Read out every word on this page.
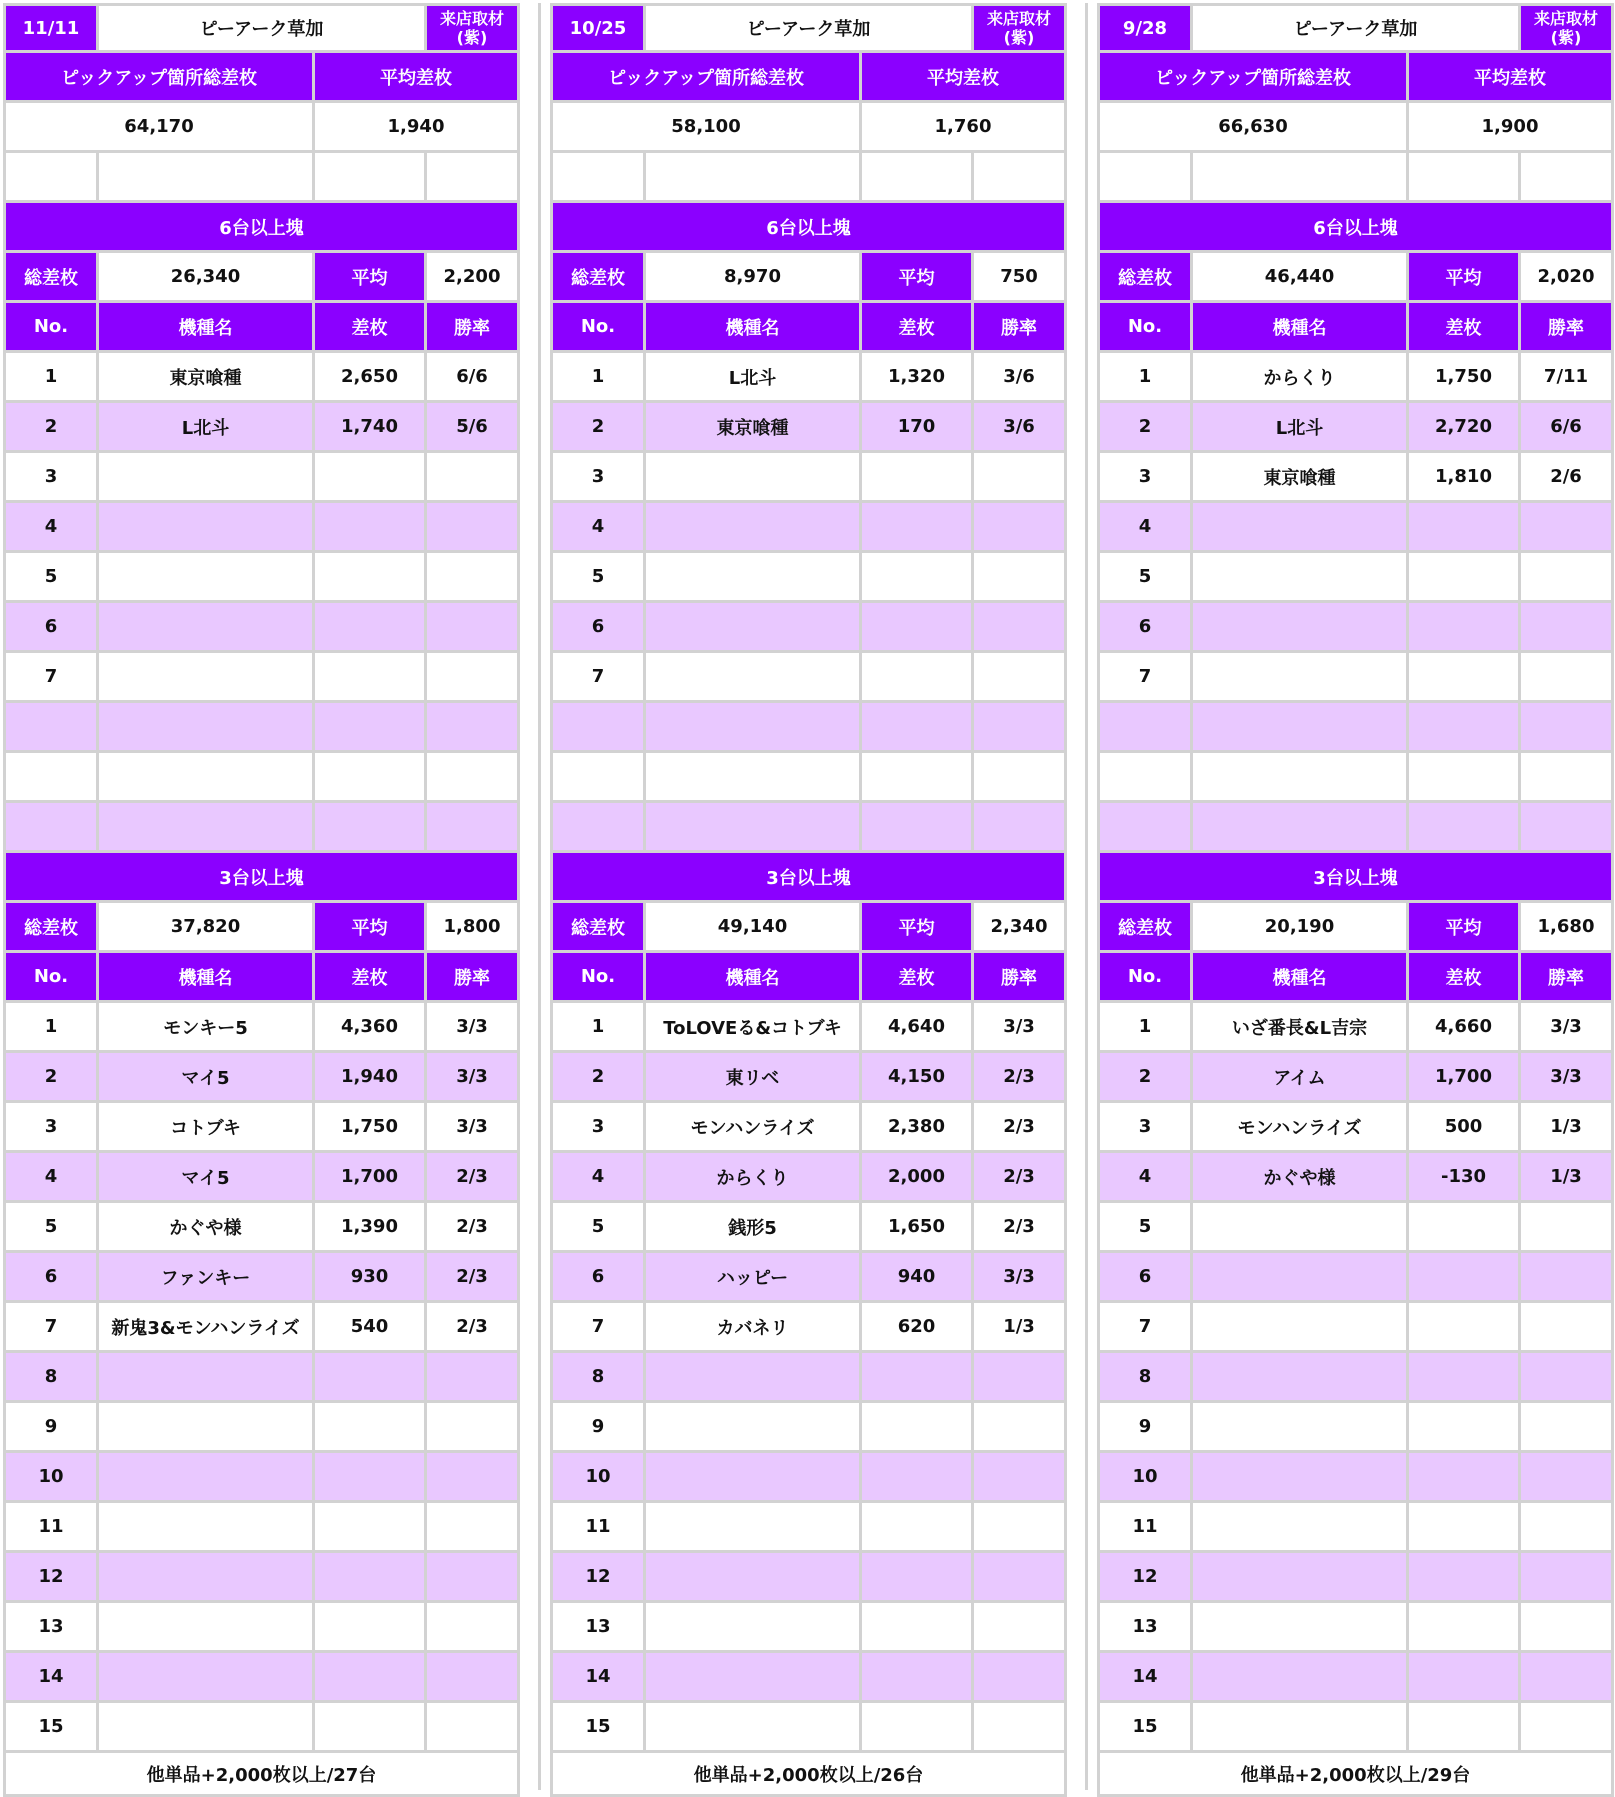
11/11	ピーアーク草加
来店取材
(紫)
ピックアップ箇所総差枚	平均差枚
64,170	1,940
6台以上塊
総差枚	26,340	平均	2,200
No.	機種名	差枚	勝率
1	東京喰種	2,650	6/6
2	L北斗	1,740	5/6
3
4
5
6
7
3台以上塊
総差枚	37,820	平均	1,800
No.	機種名	差枚	勝率
1	モンキー5	4,360	3/3
2	マイ5	1,940	3/3
3	コトブキ	1,750	3/3
4	マイ5	1,700	2/3
5	かぐや様	1,390	2/3
6	ファンキー	930	2/3
7	新鬼3&モンハンライズ	540	2/3
8
9
10
11
12
13
14
15
他単品+2,000枚以上/27台
10/25	ピーアーク草加
来店取材
(紫)
ピックアップ箇所総差枚	平均差枚
58,100	1,760
6台以上塊
総差枚	8,970	平均	750
No.	機種名	差枚	勝率
1	L北斗	1,320	3/6
2	東京喰種	170	3/6
3
4
5
6
7
3台以上塊
総差枚	49,140	平均	2,340
No.	機種名	差枚	勝率
1	ToLOVEる&コトブキ	4,640	3/3
2	東リベ	4,150	2/3
3	モンハンライズ	2,380	2/3
4	からくり	2,000	2/3
5	銭形5	1,650	2/3
6	ハッピー	940	3/3
7	カバネリ	620	1/3
8
9
10
11
12
13
14
15
他単品+2,000枚以上/26台
9/28	ピーアーク草加
来店取材
(紫)
ピックアップ箇所総差枚	平均差枚
66,630	1,900
6台以上塊
総差枚	46,440	平均	2,020
No.	機種名	差枚	勝率
1	からくり	1,750	7/11
2	L北斗	2,720	6/6
3	東京喰種	1,810	2/6
4
5
6
7
3台以上塊
総差枚	20,190	平均	1,680
No.	機種名	差枚	勝率
1	いざ番長&L吉宗	4,660	3/3
2	アイム	1,700	3/3
3	モンハンライズ	500	1/3
4	かぐや様	-130	1/3
5
6
7
8
9
10
11
12
13
14
15
他単品+2,000枚以上/29台
